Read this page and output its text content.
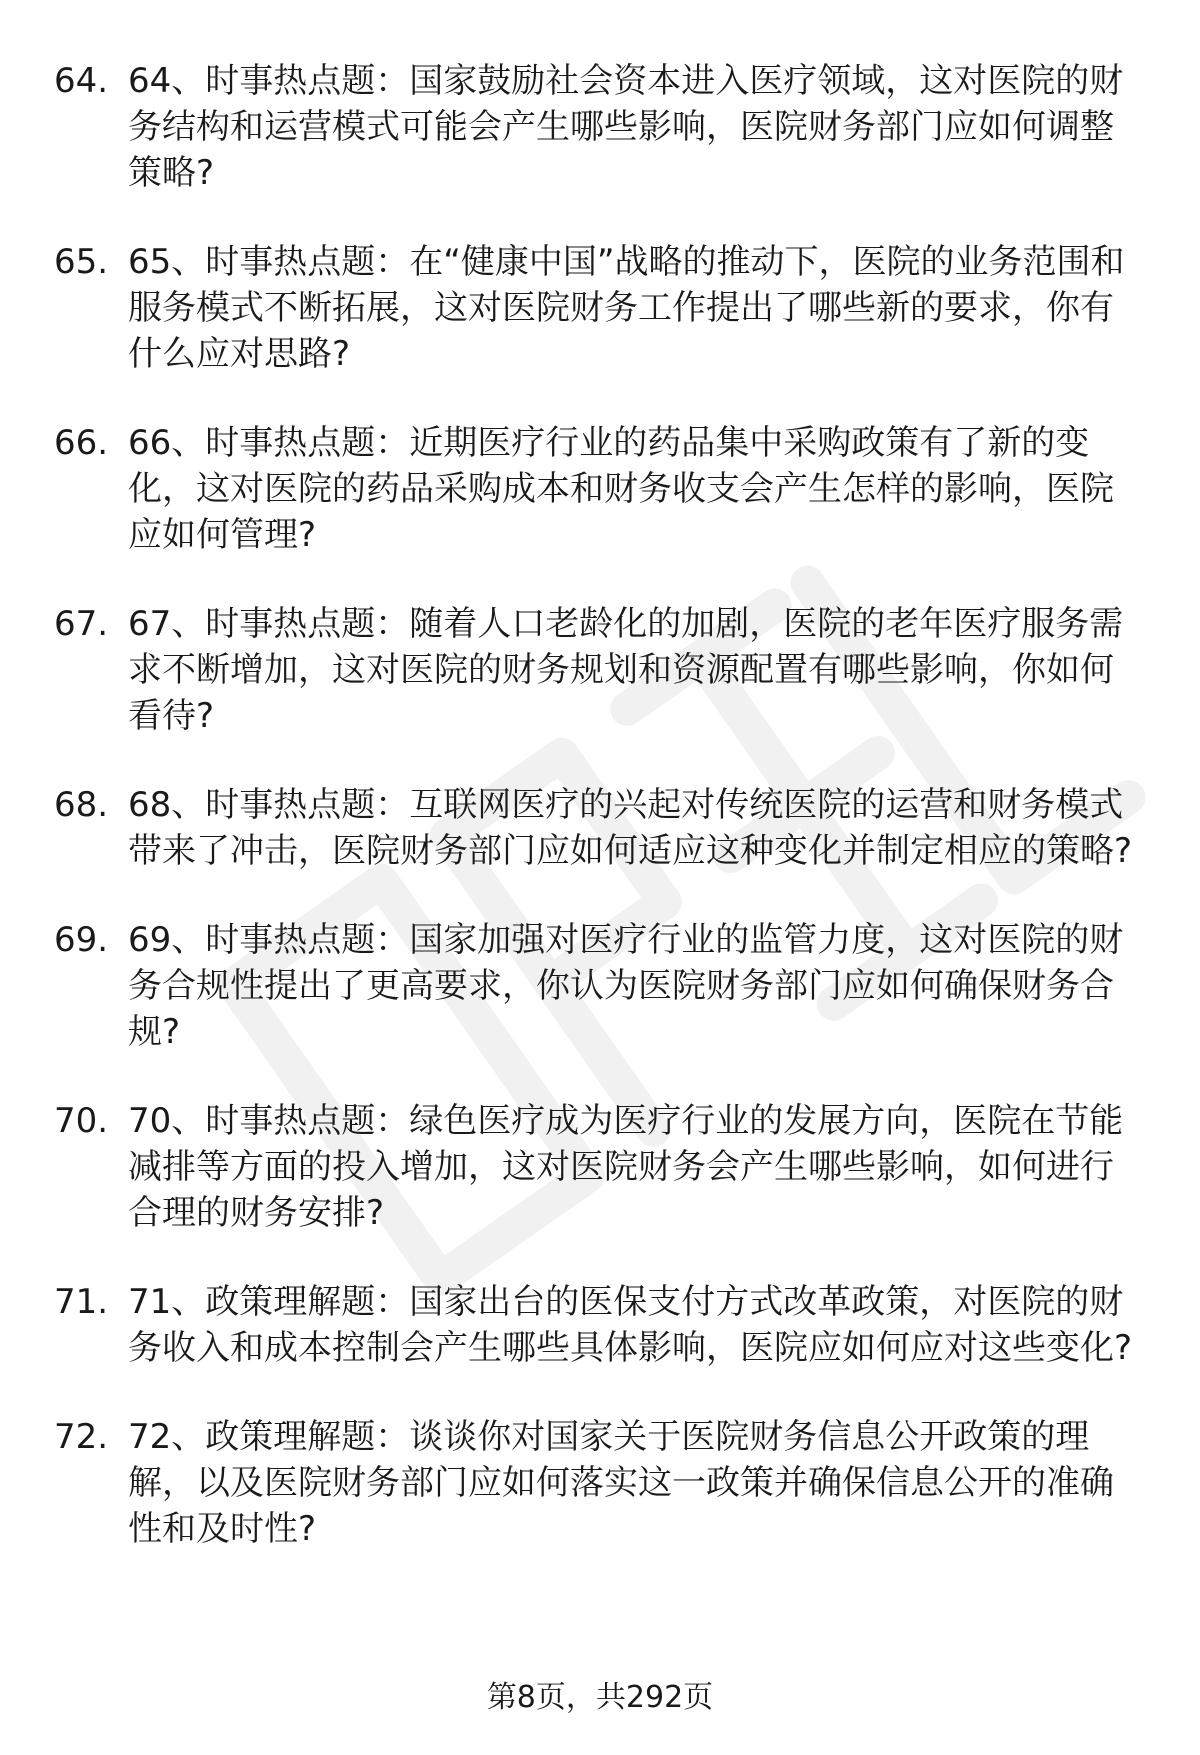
64. 64、时事热点题：国家鼓励社会资本进入医疗领域，这对医院的财务结构和运营模式可能会产生哪些影响，医院财务部门应如何调整策略?
65. 65、时事热点题：在“健康中国”战略的推动下，医院的业务范围和服务模式不断拓展，这对医院财务工作提出了哪些新的要求，你有什么应对思路?
66. 66、时事热点题：近期医疗行业的药品集中采购政策有了新的变化，这对医院的药品采购成本和财务收支会产生怎样的影响，医院应如何管理?
67. 67、时事热点题：随着人口老龄化的加剧，医院的老年医疗服务需求不断增加，这对医院的财务规划和资源配置有哪些影响，你如何看待?
68. 68、时事热点题：互联网医疗的兴起对传统医院的运营和财务模式带来了冲击，医院财务部门应如何适应这种变化并制定相应的策略?
69. 69、时事热点题：国家加强对医疗行业的监管力度，这对医院的财务合规性提出了更高要求，你认为医院财务部门应如何确保财务合规?
70. 70、时事热点题：绿色医疗成为医疗行业的发展方向，医院在节能减排等方面的投入增加，这对医院财务会产生哪些影响，如何进行合理的财务安排?
71. 71、政策理解题：国家出台的医保支付方式改革政策，对医院的财务收入和成本控制会产生哪些具体影响，医院应如何应对这些变化?
72. 72、政策理解题：谈谈你对国家关于医院财务信息公开政策的理解，以及医院财务部门应如何落实这一政策并确保信息公开的准确性和及时性?
第8页，共292页
